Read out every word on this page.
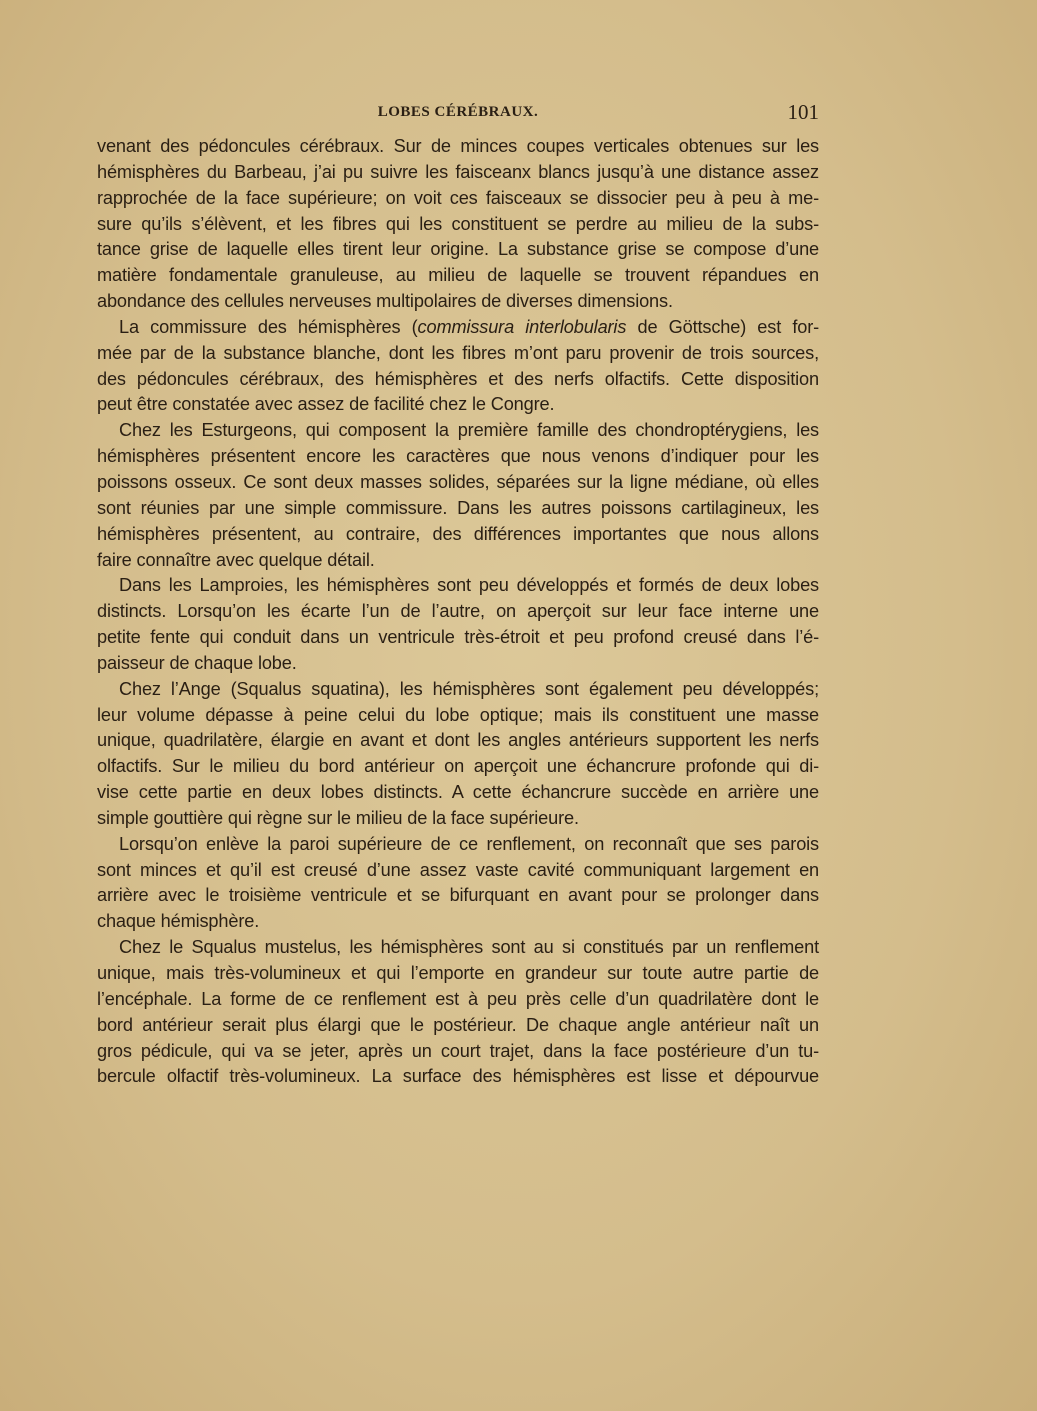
LOBES CÉRÉBRAUX.	101
venant des pédoncules cérébraux. Sur de minces coupes verticales obtenues sur les
hémisphères du Barbeau, j’ai pu suivre les faisceanx blancs jusqu’à une distance assez
rapprochée de la face supérieure; on voit ces faisceaux se dissocier peu à peu à me-
sure qu’ils s’élèvent, et les fibres qui les constituent se perdre au milieu de la subs-
tance grise de laquelle elles tirent leur origine. La substance grise se compose d’une
matière fondamentale granuleuse, au milieu de laquelle se trouvent répandues en
abondance des cellules nerveuses multipolaires de diverses dimensions.
La commissure des hémisphères (commissura interlobularis de Göttsche) est for-
mée par de la substance blanche, dont les fibres m’ont paru provenir de trois sources,
des pédoncules cérébraux, des hémisphères et des nerfs olfactifs. Cette disposition
peut être constatée avec assez de facilité chez le Congre.
Chez les Esturgeons, qui composent la première famille des chondroptérygiens, les
hémisphères présentent encore les caractères que nous venons d’indiquer pour les
poissons osseux. Ce sont deux masses solides, séparées sur la ligne médiane, où elles
sont réunies par une simple commissure. Dans les autres poissons cartilagineux, les
hémisphères présentent, au contraire, des différences importantes que nous allons
faire connaître avec quelque détail.
Dans les Lamproies, les hémisphères sont peu développés et formés de deux lobes
distincts. Lorsqu’on les écarte l’un de l’autre, on aperçoit sur leur face interne une
petite fente qui conduit dans un ventricule très-étroit et peu profond creusé dans l’é-
paisseur de chaque lobe.
Chez l’Ange (Squalus squatina), les hémisphères sont également peu développés;
leur volume dépasse à peine celui du lobe optique; mais ils constituent une masse
unique, quadrilatère, élargie en avant et dont les angles antérieurs supportent les nerfs
olfactifs. Sur le milieu du bord antérieur on aperçoit une échancrure profonde qui di-
vise cette partie en deux lobes distincts. A cette échancrure succède en arrière une
simple gouttière qui règne sur le milieu de la face supérieure.
Lorsqu’on enlève la paroi supérieure de ce renflement, on reconnaît que ses parois
sont minces et qu’il est creusé d’une assez vaste cavité communiquant largement en
arrière avec le troisième ventricule et se bifurquant en avant pour se prolonger dans
chaque hémisphère.
Chez le Squalus mustelus, les hémisphères sont au si constitués par un renflement
unique, mais très-volumineux et qui l’emporte en grandeur sur toute autre partie de
l’encéphale. La forme de ce renflement est à peu près celle d’un quadrilatère dont le
bord antérieur serait plus élargi que le postérieur. De chaque angle antérieur naît un
gros pédicule, qui va se jeter, après un court trajet, dans la face postérieure d’un tu-
bercule olfactif très-volumineux. La surface des hémisphères est lisse et dépourvue
